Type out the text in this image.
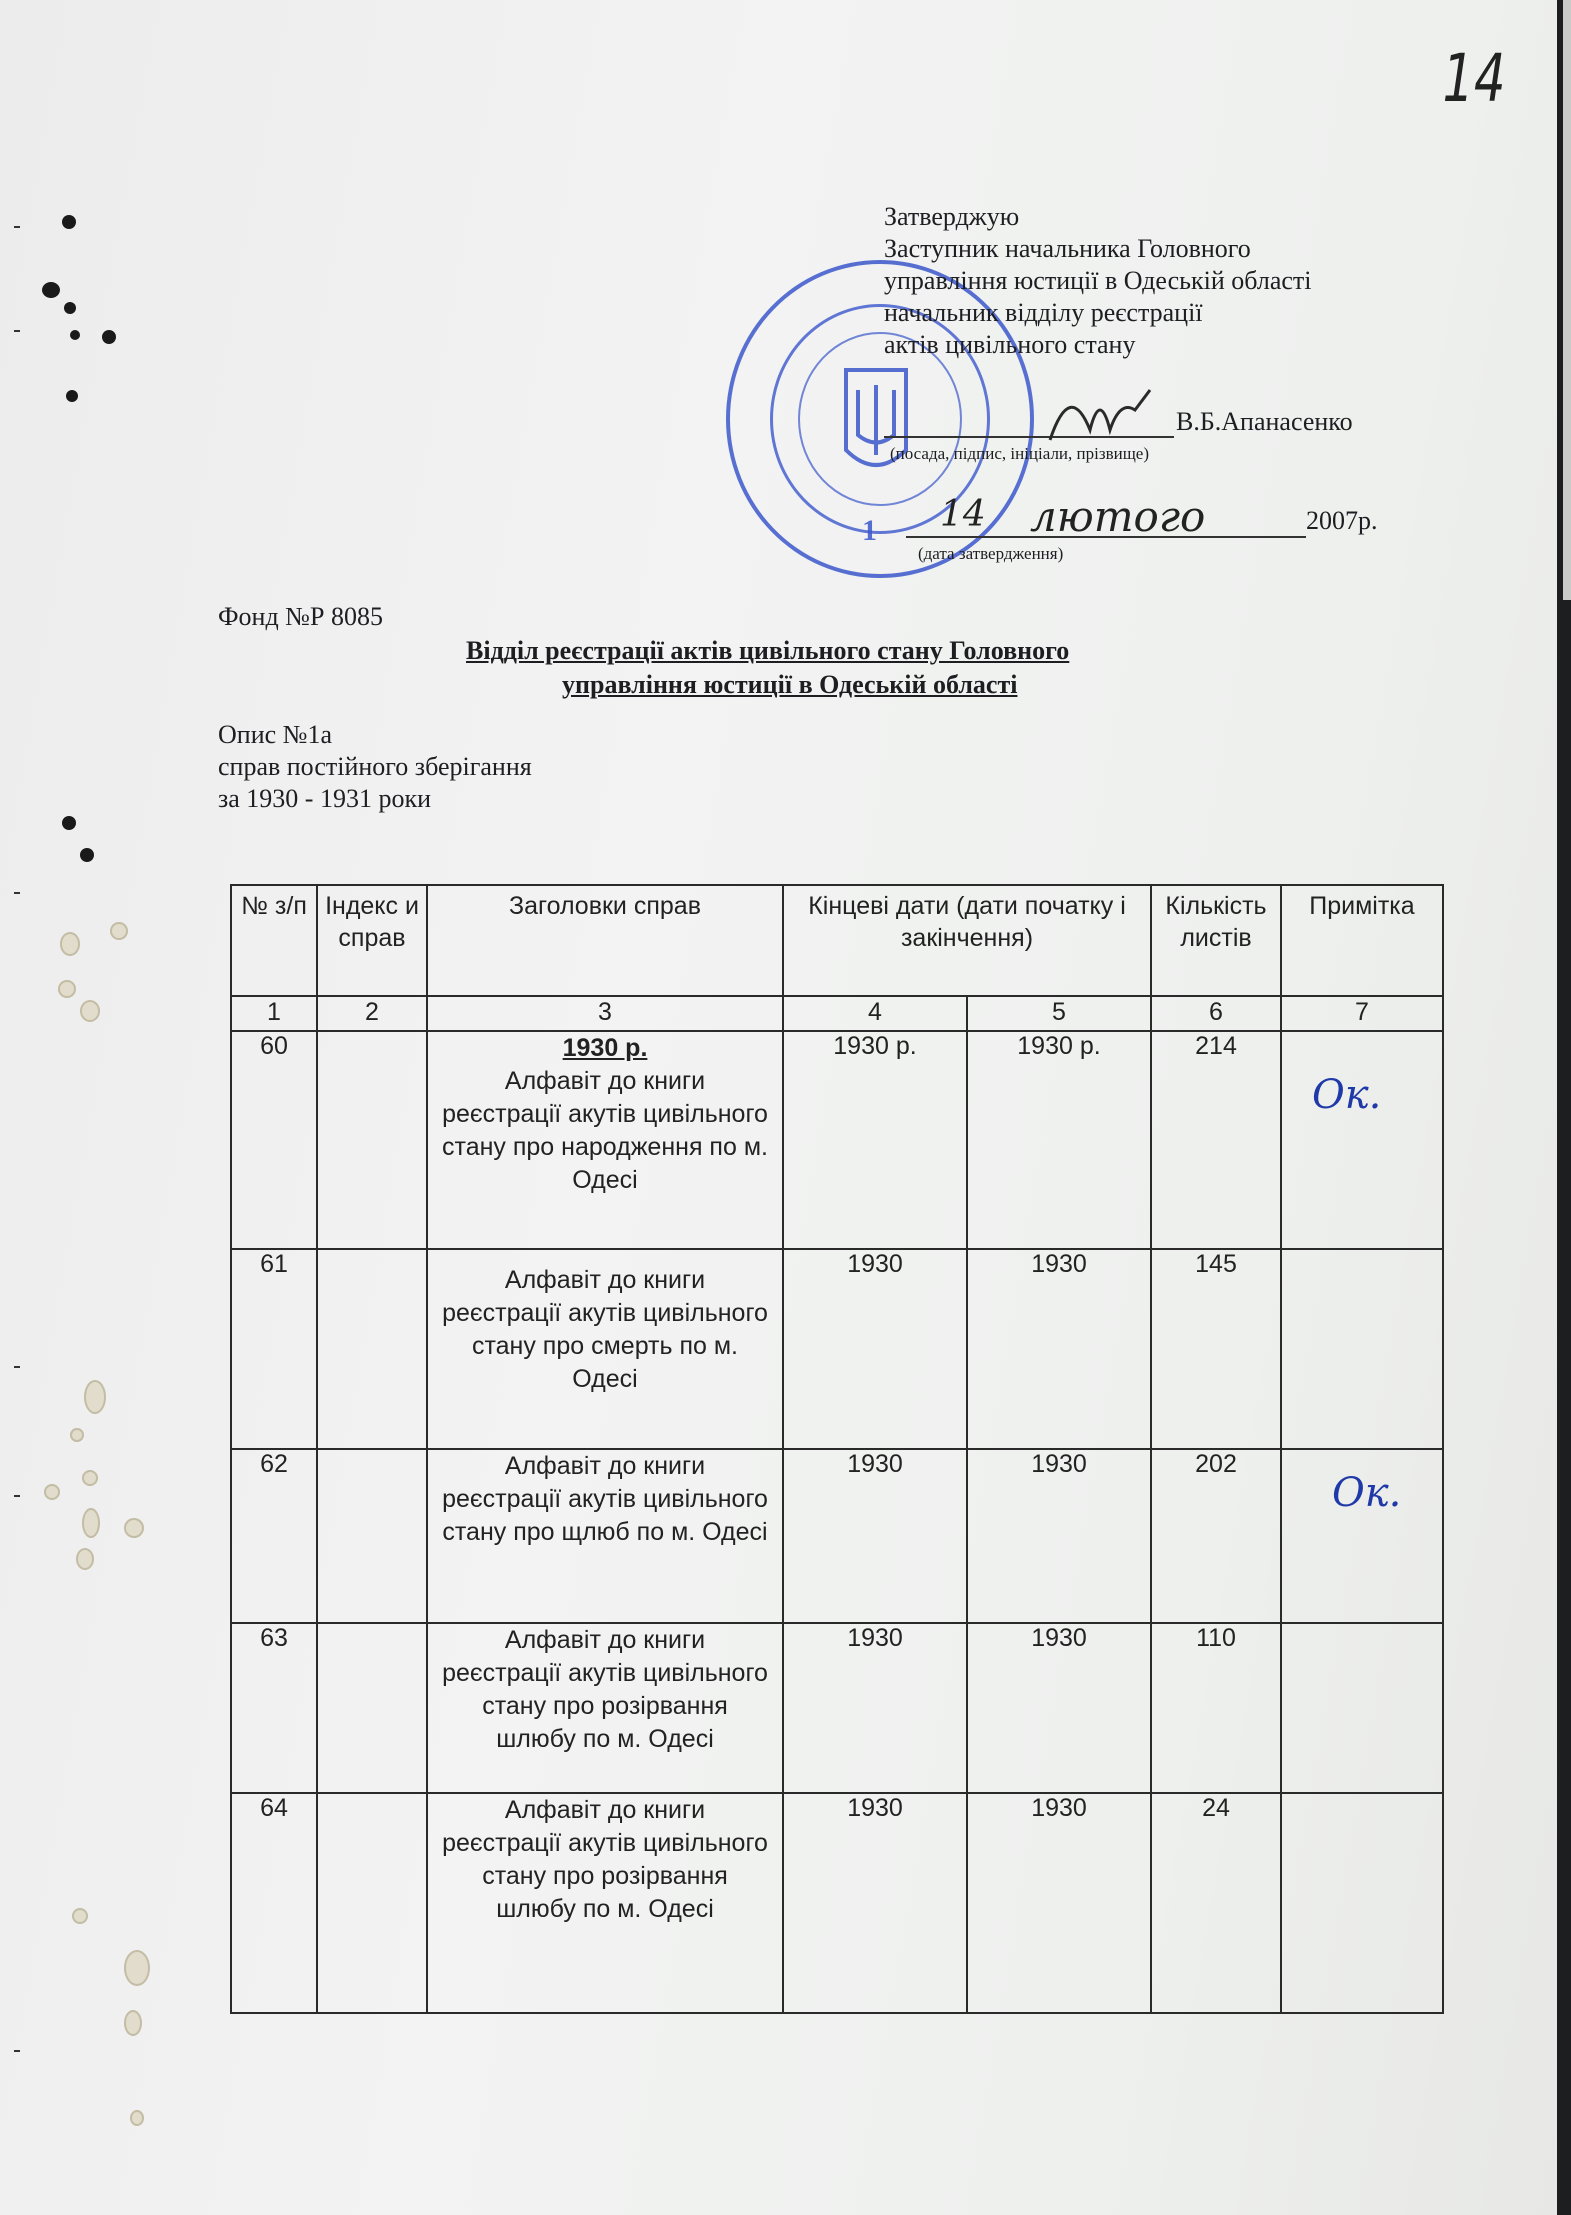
14
1
Затверджую
Заступник начальника Головного
управління юстиції в Одеській області
начальник відділу реєстрації
актів цивільного стану
В.Б.Апанасенко
(посада, підпис, ініціали, прізвище)
14 лютого	2007р.
(дата затвердження)
Фонд №Р 8085
Відділ реєстрації актів цивільного стану Головного
управління юстиції в Одеській області
Опис №1а
справ постійного зберігання
за 1930 - 1931 роки
№ з/п	Індекс и справ	Заголовки справ	Кінцеві дати (дати початку і закінчення)		Кількість листів	Примітка
1	2	3	4	5	6	7
60		1930 р.
Алфавіт до книги реєстрації акутів цивільного стану про народження по м. Одесі	1930 р.	1930 р.	214	Ок.

61		Алфавіт до книги реєстрації акутів цивільного стану про смерть по м. Одесі	1930	1930	145	

62		Алфавіт до книги реєстрації акутів цивільного стану про щлюб по м. Одесі	1930	1930	202	Ок.

63		Алфавіт до книги реєстрації акутів цивільного стану про розірвання шлюбу по м. Одесі	1930	1930	110	

64		Алфавіт до книги реєстрації акутів цивільного стану про розірвання шлюбу по м. Одесі	1930	1930	24	
